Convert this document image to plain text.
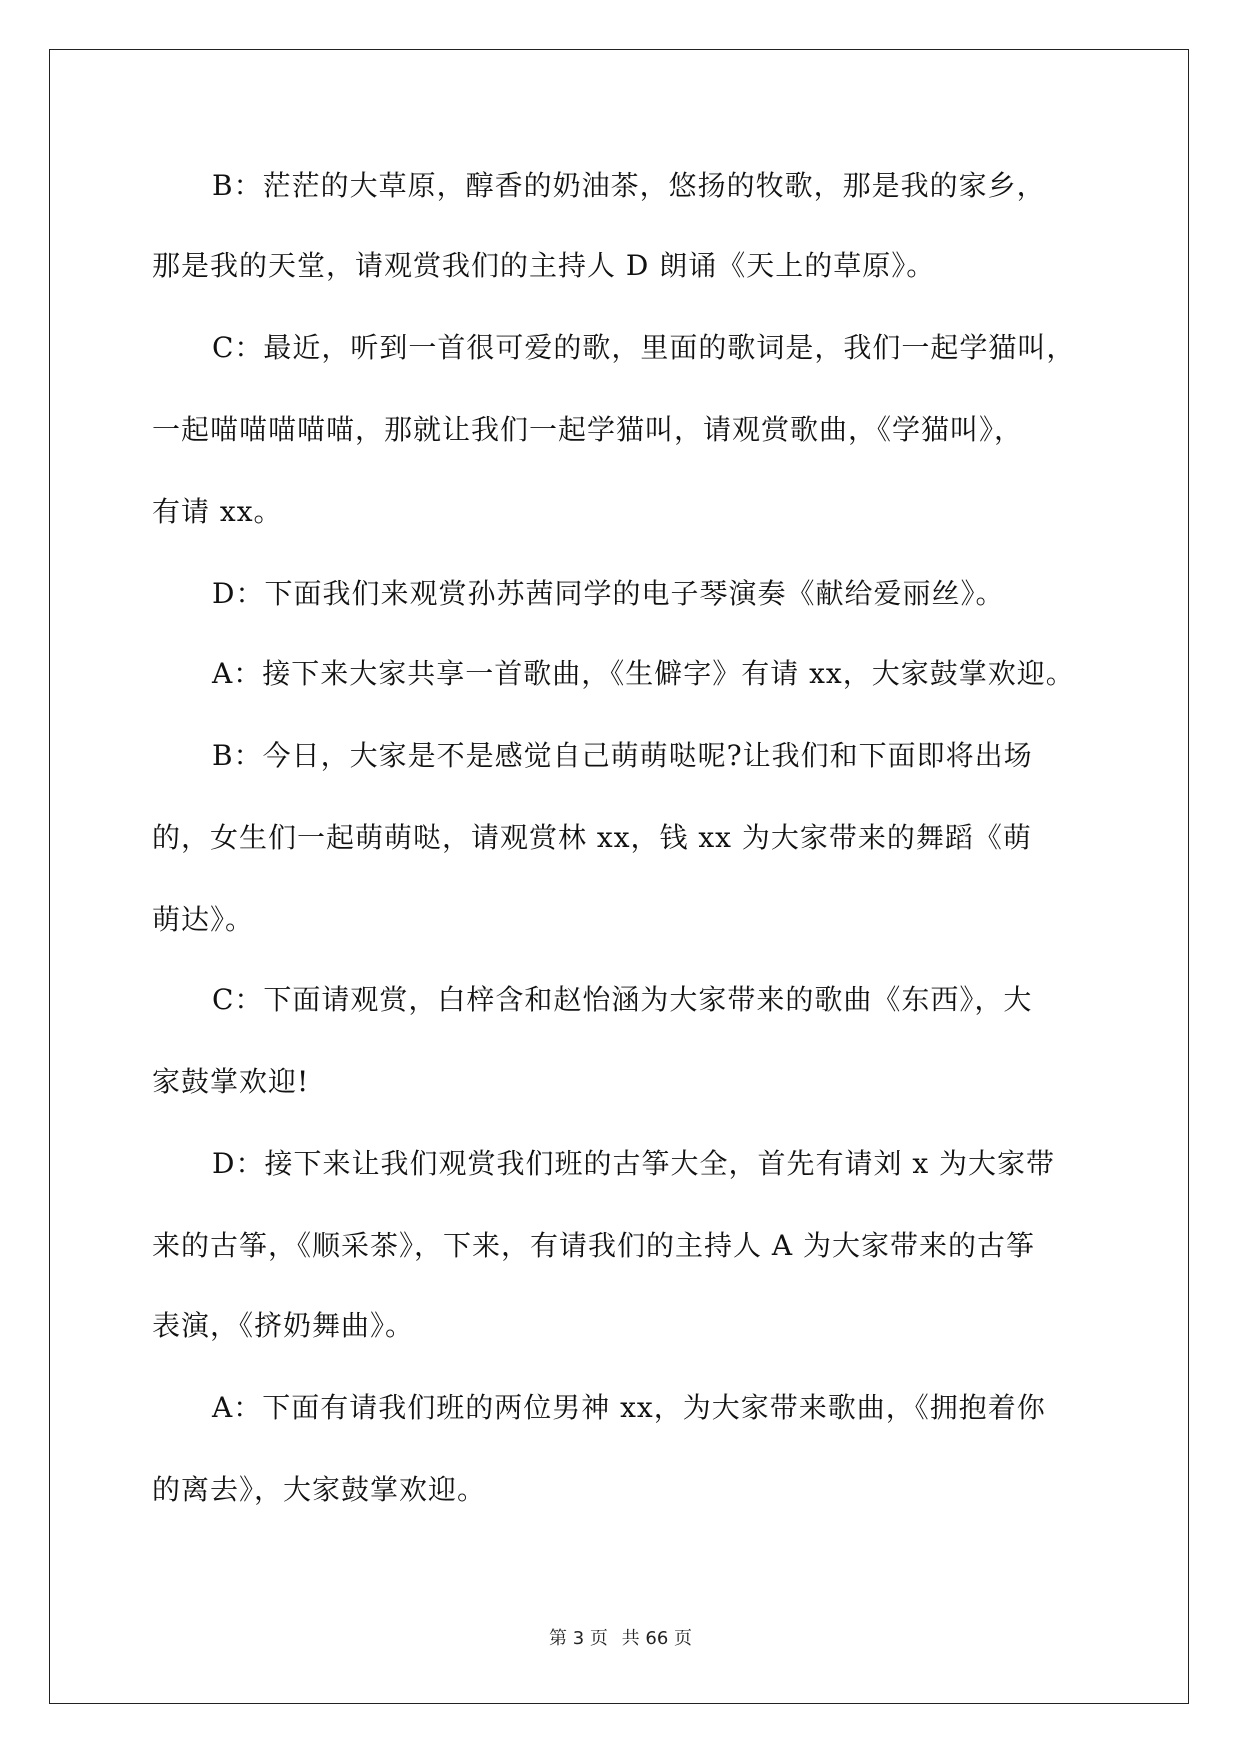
B：茫茫的大草原，醇香的奶油茶，悠扬的牧歌，那是我的家乡，
那是我的天堂，请观赏我们的主持人 D 朗诵《天上的草原》。
C：最近，听到一首很可爱的歌，里面的歌词是，我们一起学猫叫，
一起喵喵喵喵喵，那就让我们一起学猫叫，请观赏歌曲，《学猫叫》，
有请 xx。
D：下面我们来观赏孙苏茜同学的电子琴演奏《献给爱丽丝》。
A：接下来大家共享一首歌曲，《生僻字》有请 xx，大家鼓掌欢迎。
B：今日，大家是不是感觉自己萌萌哒呢?让我们和下面即将出场
的，女生们一起萌萌哒，请观赏林 xx，钱 xx 为大家带来的舞蹈《萌
萌达》。
C：下面请观赏，白梓含和赵怡涵为大家带来的歌曲《东西》，大
家鼓掌欢迎!
D：接下来让我们观赏我们班的古筝大全，首先有请刘 x 为大家带
来的古筝，《顺采茶》，下来，有请我们的主持人 A 为大家带来的古筝
表演，《挤奶舞曲》。
A：下面有请我们班的两位男神 xx，为大家带来歌曲，《拥抱着你
的离去》，大家鼓掌欢迎。
第 3 页 共 66 页
